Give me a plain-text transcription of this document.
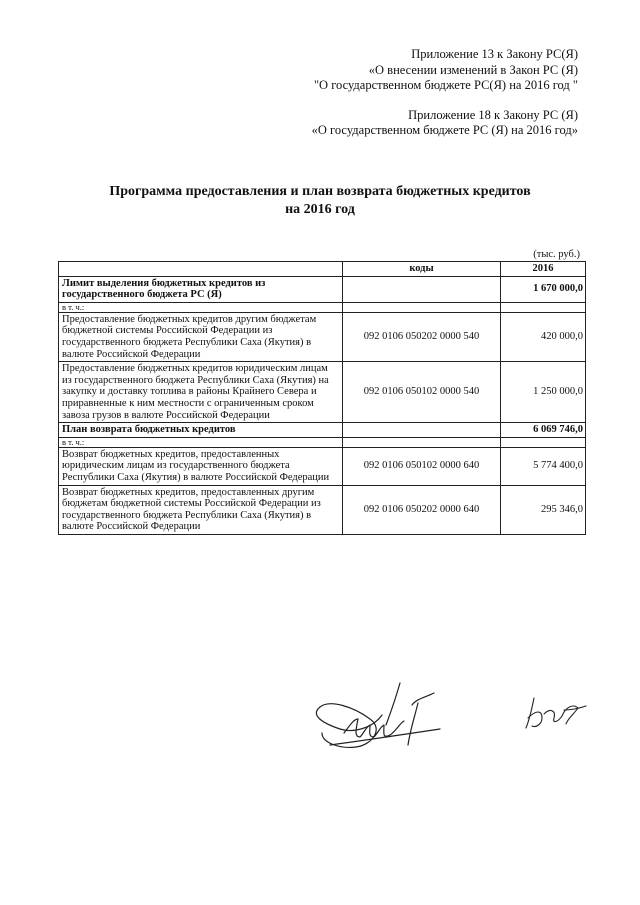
Приложение 13 к Закону РС(Я)
«О внесении изменений в Закон РС (Я)
"О государственном бюджете РС(Я) на 2016 год "
Приложение 18 к Закону РС (Я)
«О государственном бюджете РС (Я) на 2016 год»
Программа предоставления и план возврата бюджетных кредитов
на 2016 год
(тыс. руб.)
	коды	2016
Лимит выделения бюджетных кредитов из государственного бюджета РС (Я)		1 670 000,0
в т. ч.:		
Предоставление бюджетных кредитов другим бюджетам бюджетной системы Российской Федерации из государственного бюджета Республики Саха (Якутия) в валюте Российской Федерации	092 0106 050202 0000 540	420 000,0
Предоставление бюджетных кредитов юридическим лицам из государственного бюджета Республики Саха (Якутия) на закупку и доставку топлива в районы Крайнего Севера и приравненные к ним местности с ограниченным сроком завоза грузов в валюте Российской Федерации	092 0106 050102 0000 540	1 250 000,0
План возврата бюджетных кредитов		6 069 746,0
в т. ч.:		
Возврат бюджетных кредитов, предоставленных юридическим лицам из государственного бюджета Республики Саха (Якутия) в валюте Российской Федерации	092 0106 050102 0000 640	5 774 400,0
Возврат бюджетных кредитов, предоставленных другим бюджетам бюджетной системы Российской Федерации из государственного бюджета Республики Саха (Якутия) в валюте Российской Федерации	092 0106 050202 0000 640	295 346,0
